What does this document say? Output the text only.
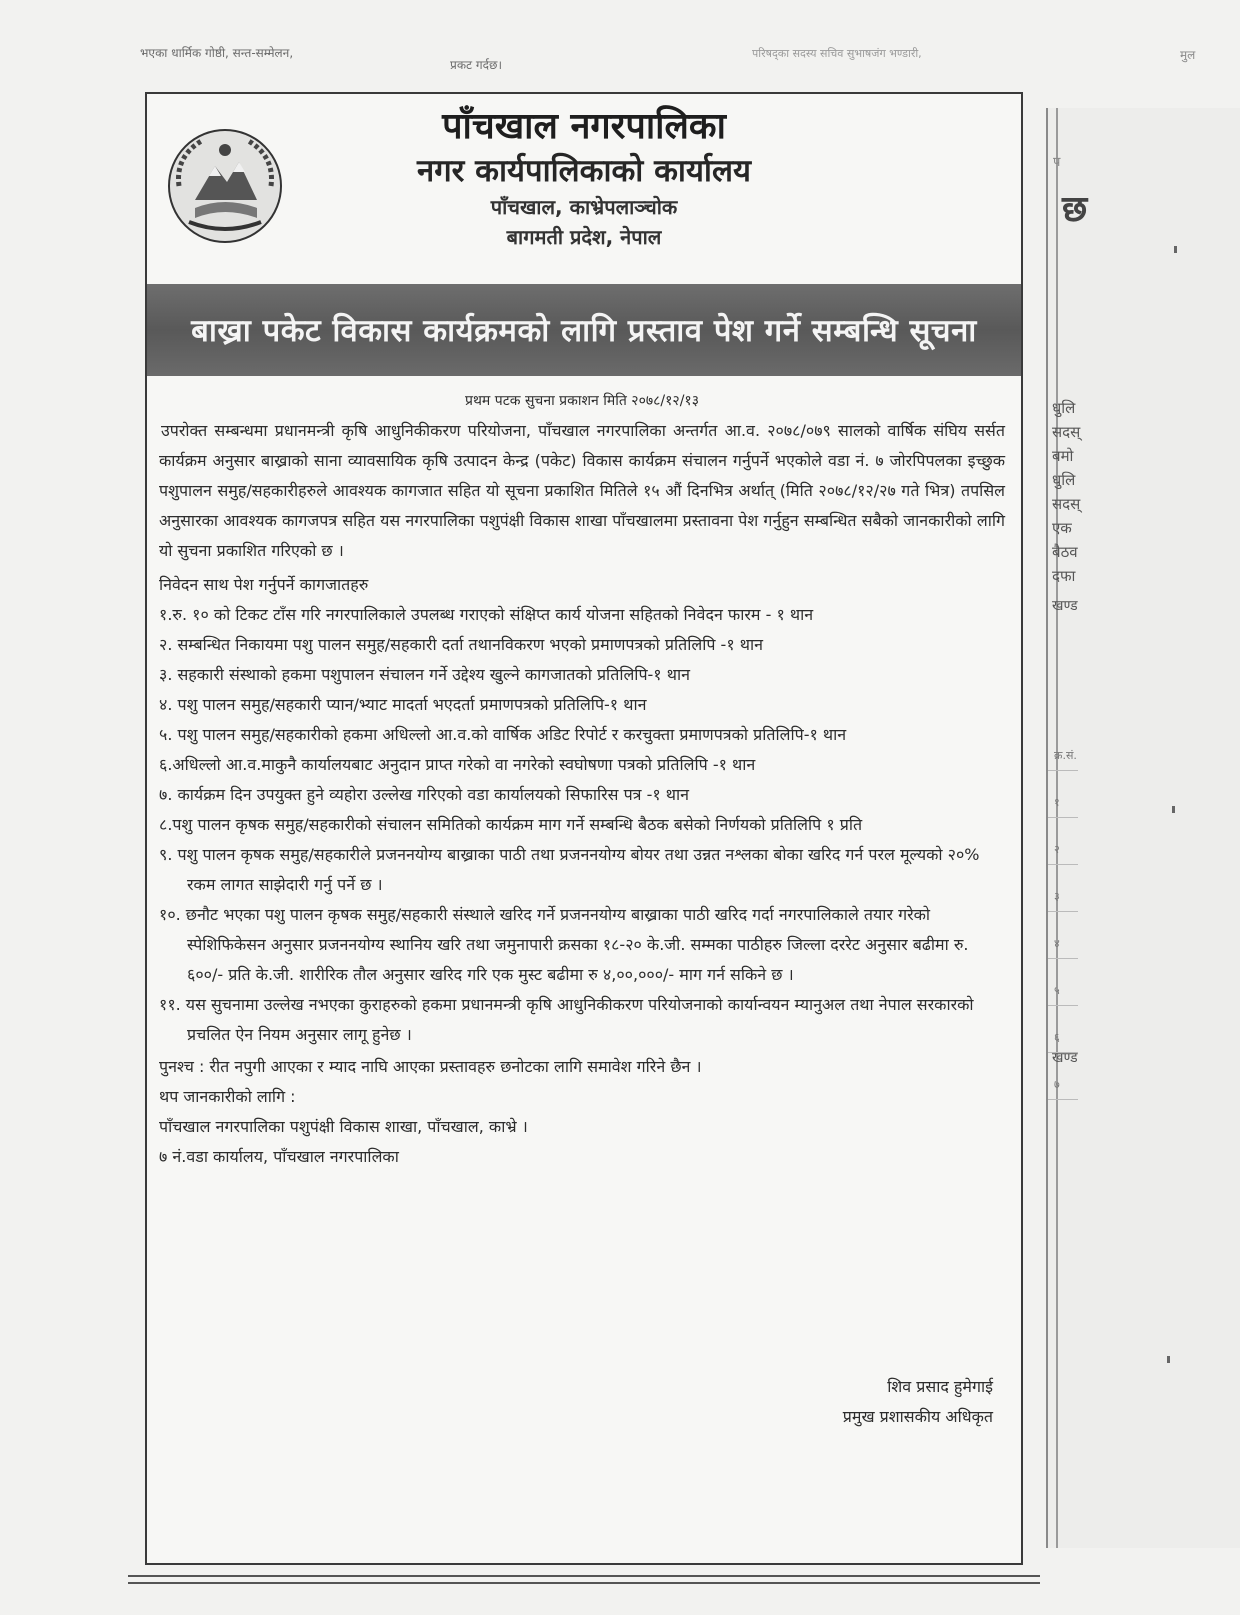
भएका धार्मिक गोष्ठी, सन्त-सम्मेलन,
प्रकट गर्दछ।
परिषद्का सदस्य सचिव सुभाषजंग भण्डारी,	मुल
पाँचखाल नगरपालिका
नगर कार्यपालिकाको कार्यालय
पाँचखाल, काभ्रेपलाञ्चोक
बागमती प्रदेश, नेपाल
बाख्रा पकेट विकास कार्यक्रमको लागि प्रस्ताव पेश गर्ने सम्बन्धि सूचना
प्रथम पटक सुचना प्रकाशन मिति २०७८/१२/१३
उपरोक्त सम्बन्धमा प्रधानमन्त्री कृषि आधुनिकीकरण परियोजना, पाँचखाल नगरपालिका अन्तर्गत आ.व. २०७८/०७९ सालको वार्षिक संघिय सर्सत कार्यक्रम अनुसार बाख्राको साना व्यावसायिक कृषि उत्पादन केन्द्र (पकेट) विकास कार्यक्रम संचालन गर्नुपर्ने भएकोले वडा नं. ७ जोरपिपलका इच्छुक पशुपालन समुह/सहकारीहरुले आवश्यक कागजात सहित यो सूचना प्रकाशित मितिले १५ औं दिनभित्र अर्थात् (मिति २०७८/१२/२७ गते भित्र) तपसिल अनुसारका आवश्यक कागजपत्र सहित यस नगरपालिका पशुपंक्षी विकास शाखा पाँचखालमा प्रस्तावना पेश गर्नुहुन सम्बन्धित सबैको जानकारीको लागि यो सुचना प्रकाशित गरिएको छ ।
निवेदन साथ पेश गर्नुपर्ने कागजातहरु
१.रु. १० को टिकट टाँस गरि नगरपालिकाले उपलब्ध गराएको संक्षिप्त कार्य योजना सहितको निवेदन फारम - १ थान
२. सम्बन्धित निकायमा पशु पालन समुह/सहकारी दर्ता तथानविकरण भएको प्रमाणपत्रको प्रतिलिपि -१ थान
३. सहकारी संस्थाको हकमा पशुपालन संचालन गर्ने उद्देश्य खुल्ने कागजातको प्रतिलिपि-१ थान
४. पशु पालन समुह/सहकारी प्यान/भ्याट मादर्ता भएदर्ता प्रमाणपत्रको प्रतिलिपि-१ थान
५. पशु पालन समुह/सहकारीको हकमा अधिल्लो आ.व.को वार्षिक अडिट रिपोर्ट र करचुक्ता प्रमाणपत्रको प्रतिलिपि-१ थान
६.अधिल्लो आ.व.माकुनै कार्यालयबाट अनुदान प्राप्त गरेको वा नगरेको स्वघोषणा पत्रको प्रतिलिपि -१ थान
७. कार्यक्रम दिन उपयुक्त हुने व्यहोरा उल्लेख गरिएको वडा कार्यालयको सिफारिस पत्र -१ थान
८.पशु पालन कृषक समुह/सहकारीको संचालन समितिको कार्यक्रम माग गर्ने सम्बन्धि बैठक बसेको निर्णयको प्रतिलिपि १ प्रति
९. पशु पालन कृषक समुह/सहकारीले प्रजननयोग्य बाख्राका पाठी तथा प्रजननयोग्य बोयर तथा उन्नत नश्लका बोका खरिद गर्न परल मूल्यको २०% रकम लागत साझेदारी गर्नु पर्ने छ ।
१०. छनौट भएका पशु पालन कृषक समुह/सहकारी संस्थाले खरिद गर्ने प्रजननयोग्य बाख्राका पाठी खरिद गर्दा नगरपालिकाले तयार गरेको स्पेशिफिकेसन अनुसार प्रजननयोग्य स्थानिय खरि तथा जमुनापारी क्रसका १८-२० के.जी. सम्मका पाठीहरु जिल्ला दररेट अनुसार बढीमा रु. ६००/- प्रति के.जी. शारीरिक तौल अनुसार खरिद गरि एक मुस्ट बढीमा रु ४,००,०००/- माग गर्न सकिने छ ।
११. यस सुचनामा उल्लेख नभएका कुराहरुको हकमा प्रधानमन्त्री कृषि आधुनिकीकरण परियोजनाको कार्यान्वयन म्यानुअल तथा नेपाल सरकारको प्रचलित ऐन नियम अनुसार लागू हुनेछ ।
पुनश्च : रीत नपुगी आएका र म्याद नाघि आएका प्रस्तावहरु छनोटका लागि समावेश गरिने छैन ।
थप जानकारीको लागि :
पाँचखाल नगरपालिका पशुपंक्षी विकास शाखा, पाँचखाल, काभ्रे ।
७ नं.वडा कार्यालय, पाँचखाल नगरपालिका
शिव प्रसाद हुमेगाई
प्रमुख प्रशासकीय अधिकृत
प
छ
धुलि
सदस्
बमो
धुलि
सदस्
एक
बैठव
दफा
खण्ड
क्र.सं.
१
२
३
४
५
६
७
खण्ड
